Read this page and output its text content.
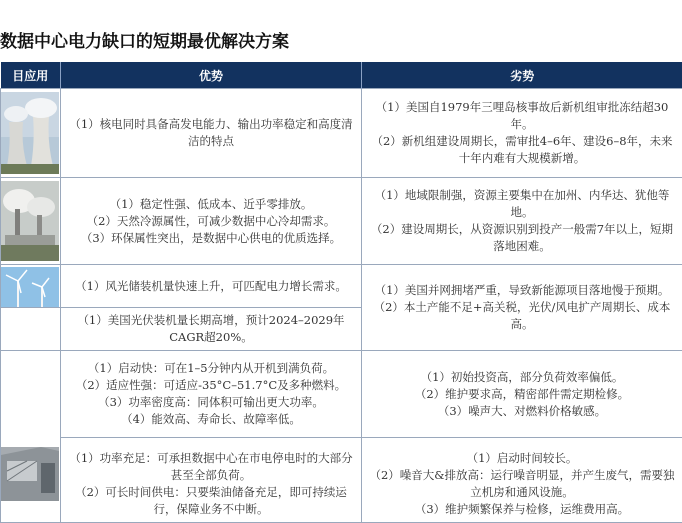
数据中心电力缺口的短期最优解决方案
目应用	优势	劣势

（1）核电同时具备高发电能力、输出功率稳定和高度清洁的特点	（1）美国自1979年三哩岛核事故后新机组审批冻结超30年。
（2）新机组建设周期长，需审批4–6年、建设6–8年，未来十年内难有大规模新增。

（1）稳定性强、低成本、近乎零排放。
（2）天然冷源属性，可减少数据中心冷却需求。
（3）环保属性突出，是数据中心供电的优质选择。	（1）地域限制强，资源主要集中在加州、内华达、犹他等地。
（2）建设周期长，从资源识别到投产一般需7年以上，短期落地困难。

（1）风光储装机量快速上升，可匹配电力增长需求。	（1）美国并网拥堵严重，导致新能源项目落地慢于预期。
（2）本土产能不足+高关税，光伏/风电扩产周期长、成本高。

	（1）美国光伏装机量长期高增，预计2024–2029年CAGR超20%。	

（1）启动快：可在1–5分钟内从开机到满负荷。
（2）适应性强：可适应-35°C–51.7°C及多种燃料。
（3）功率密度高：同体积可输出更大功率。
（4）能效高、寿命长、故障率低。	（1）初始投资高，部分负荷效率偏低。
（2）维护要求高，精密部件需定期检修。
（3）噪声大、对燃料价格敏感。

	（1）功率充足：可承担数据中心在市电停电时的大部分甚至全部负荷。
（2）可长时间供电：只要柴油储备充足，即可持续运行，保障业务不中断。	（1）启动时间较长。
（2）噪音大&排放高：运行噪音明显，并产生废气，需要独立机房和通风设施。
（3）维护频繁保养与检修，运维费用高。
